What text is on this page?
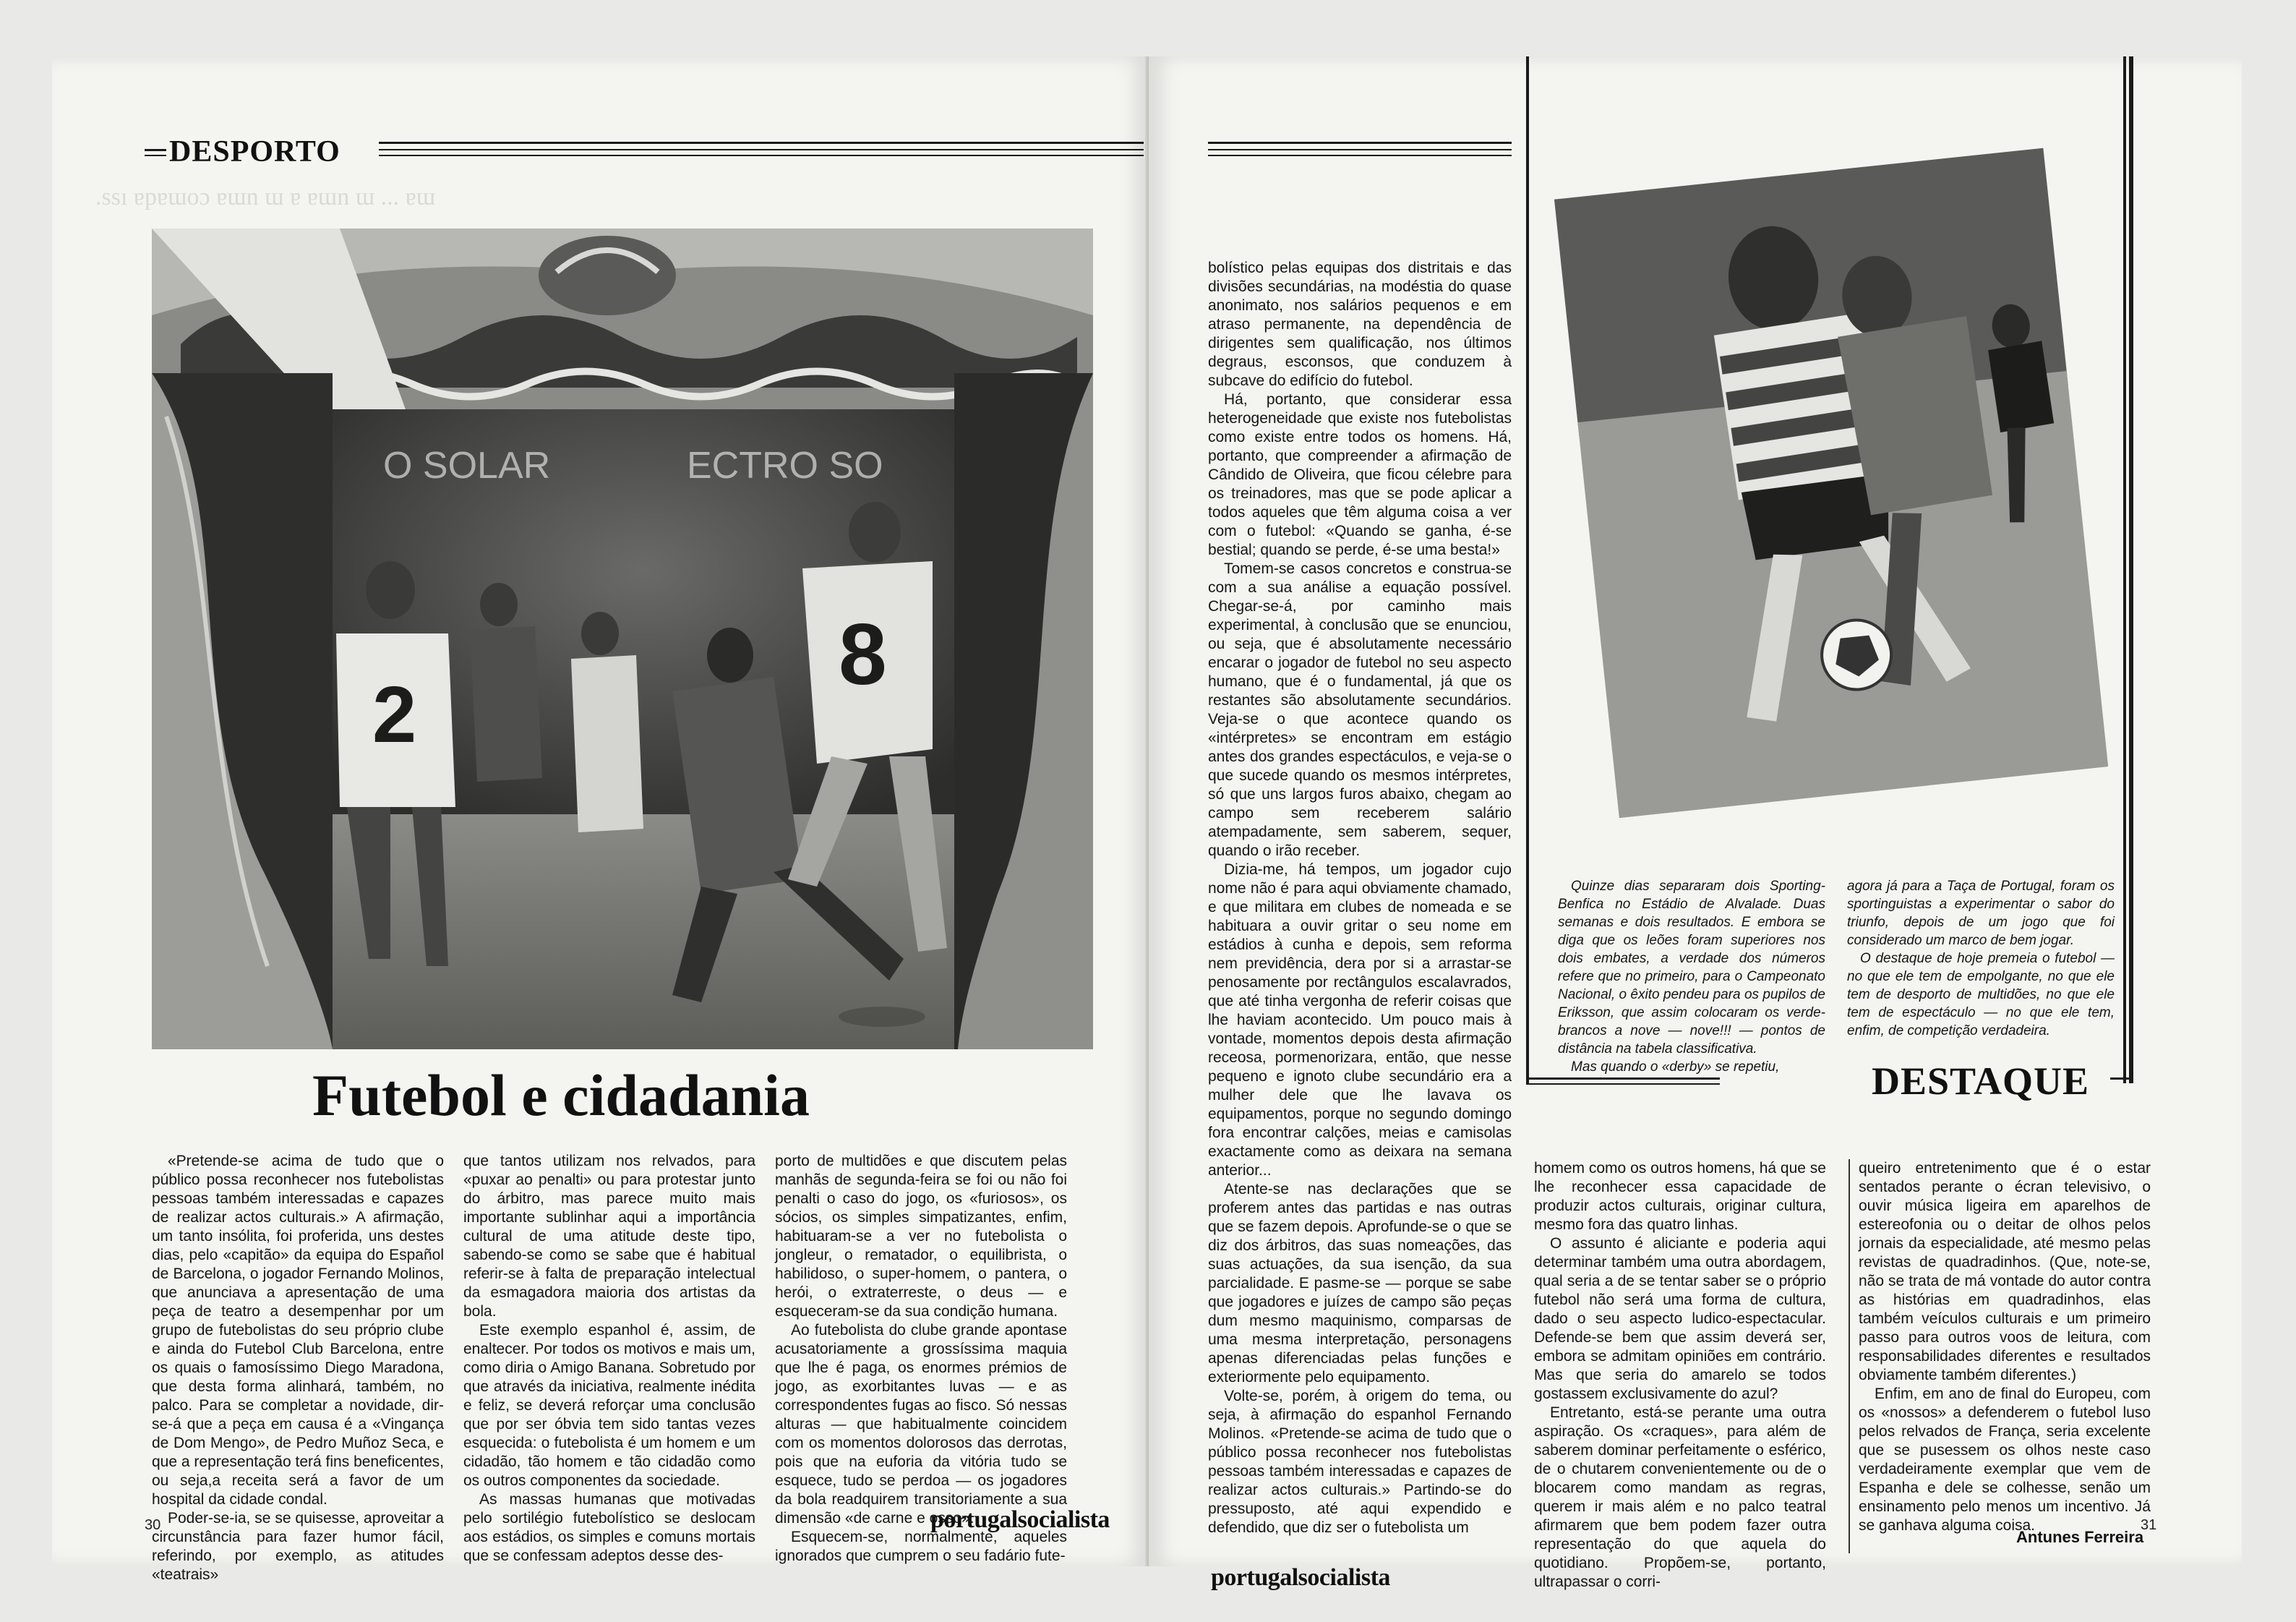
.ssı ɐpɐɯoɔ ɐɯn ɯ ɐ ɐɯn ɯ ... ɐɯ
DESPORTO
O SOLAR	ECTRO SO
2
8
Futebol e cidadania

«Pretende-se acima de tudo que o público possa reconhecer nos futebolistas pessoas também interessadas e capazes de realizar actos culturais.» A afirmação, um tanto insólita, foi proferida, uns destes dias, pelo «capitão» da equipa do Español de Barcelona, o jogador Fernando Molinos, que anunciava a apresentação de uma peça de teatro a desempenhar por um grupo de futebolistas do seu próprio clube e ainda do Futebol Club Barcelona, entre os quais o famosíssimo Diego Maradona, que desta forma alinhará, também, no palco. Para se completar a novidade, dir-se-á que a peça em causa é a «Vingança de Dom Mengo», de Pedro Muñoz Seca, e que a representação terá fins beneficentes, ou seja,a receita será a favor de um hospital da cidade condal.

Poder-se-ia, se se quisesse, aproveitar a circunstância para fazer humor fácil, referindo, por exemplo, as atitudes «teatrais»

que tantos utilizam nos relvados, para «puxar ao penalti» ou para protestar junto do árbitro, mas parece muito mais importante sublinhar aqui a importância cultural de uma atitude deste tipo, sabendo-se como se sabe que é habitual referir-se à falta de preparação intelectual da esmagadora maioria dos artistas da bola.

Este exemplo espanhol é, assim, de enaltecer. Por todos os motivos e mais um, como diria o Amigo Banana. Sobretudo por que através da iniciativa, realmente inédita e feliz, se deverá reforçar uma conclusão que por ser óbvia tem sido tantas vezes esquecida: o futebolista é um homem e um cidadão, tão homem e tão cidadão como os outros componentes da sociedade.

As massas humanas que motivadas pelo sortilégio futebolístico se deslocam aos estádios, os simples e comuns mortais que se confessam adeptos desse des-

porto de multidões e que discutem pelas manhãs de segunda-feira se foi ou não foi penalti o caso do jogo, os «furiosos», os sócios, os simples simpatizantes, enfim, habituaram-se a ver no futebolista o jongleur, o rematador, o equilibrista, o habilidoso, o super-homem, o pantera, o herói, o extraterreste, o deus — e esqueceram-se da sua condição humana.

Ao futebolista do clube grande apontase acusatoriamente a grossíssima maquia que lhe é paga, os enormes prémios de jogo, as exorbitantes luvas — e as correspondentes fugas ao fisco. Só nessas alturas — que habitualmente coincidem com os momentos dolorosos das derrotas, pois que na euforia da vitória tudo se esquece, tudo se perdoa — os jogadores da bola readquirem transitoriamente a sua dimensão «de carne e osso».

Esquecem-se, normalmente, aqueles ignorados que cumprem o seu fadário fute-

30	portugalsocialista

Quinze dias separaram dois Sporting-Benfica no Estádio de Alvalade. Duas semanas e dois resultados. E embora se diga que os leões foram superiores nos dois embates, a verdade dos números refere que no primeiro, para o Campeonato Nacional, o êxito pendeu para os pupilos de Eriksson, que assim colocaram os verde-brancos a nove — nove!!! — pontos de distância na tabela classificativa.

Mas quando o «derby» se repetiu,

agora já para a Taça de Portugal, foram os sportinguistas a experimentar o sabor do triunfo, depois de um jogo que foi considerado um marco de bem jogar.

O destaque de hoje premeia o futebol — no que ele tem de empolgante, no que ele tem de desporto de multidões, no que ele tem de espectáculo — no que ele tem, enfim, de competição verdadeira.

DESTAQUE

bolístico pelas equipas dos distritais e das divisões secundárias, na modéstia do quase anonimato, nos salários pequenos e em atraso permanente, na dependência de dirigentes sem qualificação, nos últimos degraus, esconsos, que conduzem à subcave do edifício do futebol.

Há, portanto, que considerar essa heterogeneidade que existe nos futebolistas como existe entre todos os homens. Há, portanto, que compreender a afirmação de Cândido de Oliveira, que ficou célebre para os treinadores, mas que se pode aplicar a todos aqueles que têm alguma coisa a ver com o futebol: «Quando se ganha, é-se bestial; quando se perde, é-se uma besta!»

Tomem-se casos concretos e construa-se com a sua análise a equação possível. Chegar-se-á, por caminho mais experimental, à conclusão que se enunciou, ou seja, que é absolutamente necessário encarar o jogador de futebol no seu aspecto humano, que é o fundamental, já que os restantes são absolutamente secundários. Veja-se o que acontece quando os «intérpretes» se encontram em estágio antes dos grandes espectáculos, e veja-se o que sucede quando os mesmos intérpretes, só que uns largos furos abaixo, chegam ao campo sem receberem salário atempadamente, sem saberem, sequer, quando o irão receber.

Dizia-me, há tempos, um jogador cujo nome não é para aqui obviamente chamado, e que militara em clubes de nomeada e se habituara a ouvir gritar o seu nome em estádios à cunha e depois, sem reforma nem previdência, dera por si a arrastar-se penosamente por rectângulos escalavrados, que até tinha vergonha de referir coisas que lhe haviam acontecido. Um pouco mais à vontade, momentos depois desta afirmação receosa, pormenorizara, então, que nesse pequeno e ignoto clube secundário era a mulher dele que lhe lavava os equipamentos, porque no segundo domingo fora encontrar calções, meias e camisolas exactamente como as deixara na semana anterior...

Atente-se nas declarações que se proferem antes das partidas e nas outras que se fazem depois. Aprofunde-se o que se diz dos árbitros, das suas nomeações, das suas actuações, da sua isenção, da sua parcialidade. E pasme-se — porque se sabe que jogadores e juízes de campo são peças dum mesmo maquinismo, comparsas de uma mesma interpretação, personagens apenas diferenciadas pelas funções e exteriormente pelo equipamento.

Volte-se, porém, à origem do tema, ou seja, à afirmação do espanhol Fernando Molinos. «Pretende-se acima de tudo que o público possa reconhecer nos futebolistas pessoas também interessadas e capazes de realizar actos culturais.» Partindo-se do pressuposto, até aqui expendido e defendido, que diz ser o futebolista um

homem como os outros homens, há que se lhe reconhecer essa capacidade de produzir actos culturais, originar cultura, mesmo fora das quatro linhas.

O assunto é aliciante e poderia aqui determinar também uma outra abordagem, qual seria a de se tentar saber se o próprio futebol não será uma forma de cultura, dado o seu aspecto ludico-espectacular. Defende-se bem que assim deverá ser, embora se admitam opiniões em contrário. Mas que seria do amarelo se todos gostassem exclusivamente do azul?

Entretanto, está-se perante uma outra aspiração. Os «craques», para além de saberem dominar perfeitamente o esférico, de o chutarem convenientemente ou de o blocarem como mandam as regras, querem ir mais além e no palco teatral afirmarem que bem podem fazer outra representação do que aquela do quotidiano. Propõem-se, portanto, ultrapassar o corri-

queiro entretenimento que é o estar sentados perante o écran televisivo, o ouvir música ligeira em aparelhos de estereofonia ou o deitar de olhos pelos jornais da especialidade, até mesmo pelas revistas de quadradinhos. (Que, note-se, não se trata de má vontade do autor contra as histórias em quadradinhos, elas também veículos culturais e um primeiro passo para outros voos de leitura, com responsabilidades diferentes e resultados obviamente também diferentes.)

Enfim, em ano de final do Europeu, com os «nossos» a defenderem o futebol luso pelos relvados de França, seria excelente que se pusessem os olhos neste caso verdadeiramente exemplar que vem de Espanha e dele se colhesse, senão um ensinamento pelo menos um incentivo. Já se ganhava alguma coisa.

Antunes Ferreira
portugalsocialista
31
